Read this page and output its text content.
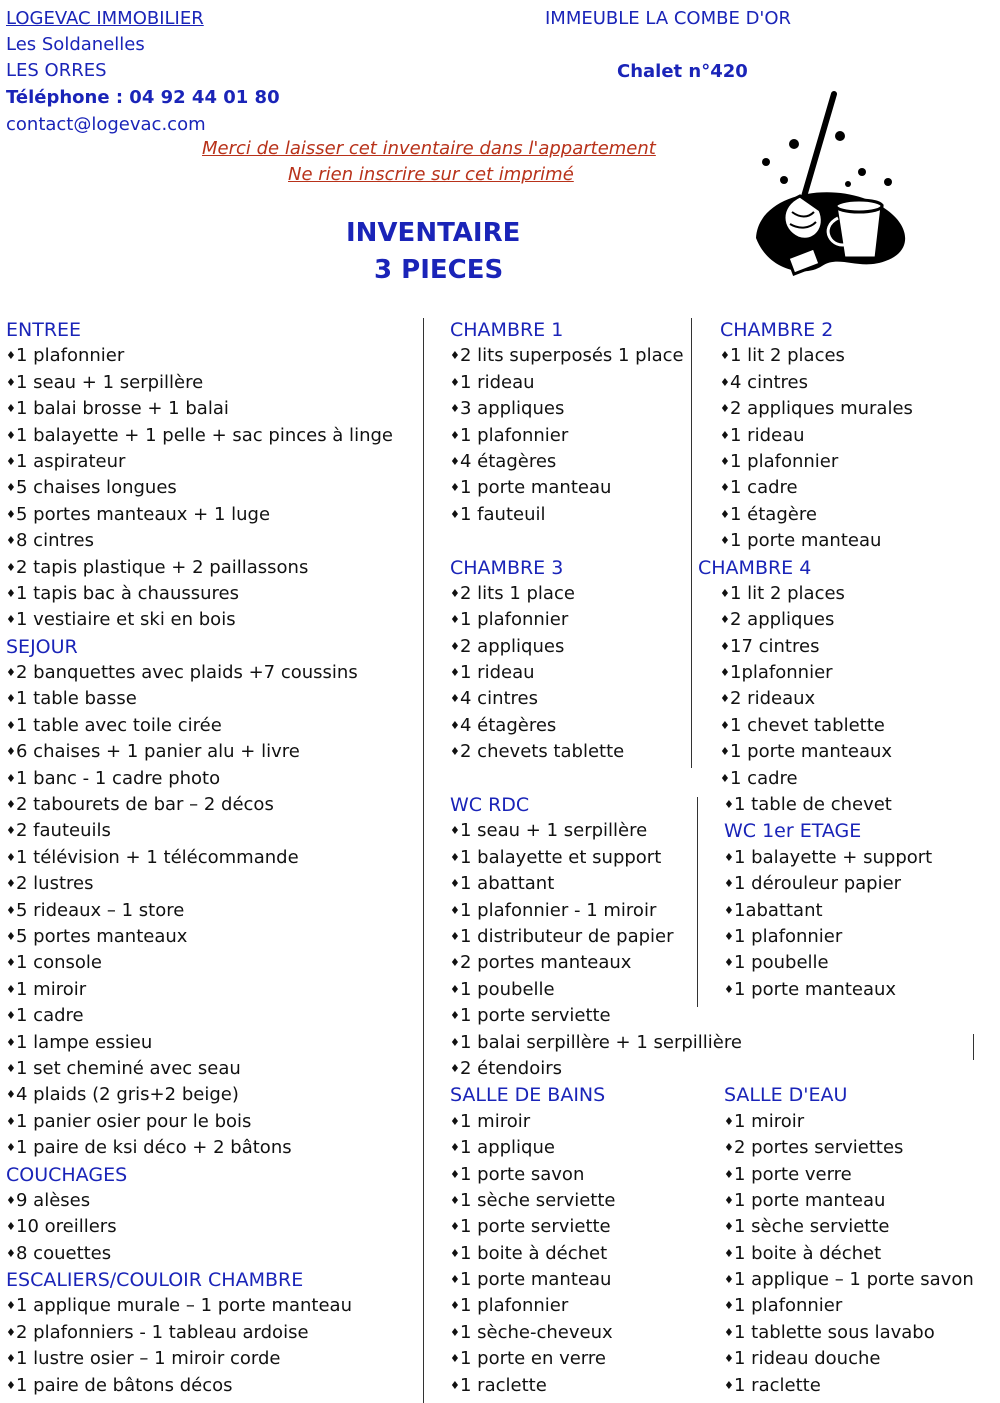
LOGEVAC IMMOBILIER
Les Soldanelles
LES ORRES
Téléphone : 04 92 44 01 80
contact@logevac.com
IMMEUBLE LA COMBE D'OR
Chalet n°420
Merci de laisser cet inventaire dans l'appartement
Ne rien inscrire sur cet imprimé
INVENTAIRE
3 PIECES
ENTREE
♦ 1 plafonnier
♦ 1 seau + 1 serpillère
♦ 1 balai brosse + 1 balai
♦ 1 balayette + 1 pelle + sac pinces à linge
♦ 1 aspirateur
♦ 5 chaises longues
♦ 5 portes manteaux + 1 luge
♦ 8 cintres
♦ 2 tapis plastique + 2 paillassons
♦ 1 tapis bac à chaussures
♦ 1 vestiaire et ski en bois
SEJOUR
♦ 2 banquettes avec plaids +7 coussins
♦ 1 table basse
♦ 1 table avec toile cirée
♦ 6 chaises + 1 panier alu + livre
♦ 1 banc - 1 cadre photo
♦ 2 tabourets de bar – 2 décos
♦ 2 fauteuils
♦ 1 télévision + 1 télécommande
♦ 2 lustres
♦ 5 rideaux – 1 store
♦ 5 portes manteaux
♦ 1 console
♦ 1 miroir
♦ 1 cadre
♦ 1 lampe essieu
♦ 1 set cheminé avec seau
♦ 4 plaids (2 gris+2 beige)
♦ 1 panier osier pour le bois
♦ 1 paire de ksi déco + 2 bâtons
COUCHAGES
♦ 9 alèses
♦ 10 oreillers
♦ 8 couettes
ESCALIERS/COULOIR CHAMBRE
♦ 1 applique murale – 1 porte manteau
♦ 2 plafonniers - 1 tableau ardoise
♦ 1 lustre osier – 1 miroir corde
♦ 1 paire de bâtons décos
CHAMBRE 1
♦ 2 lits superposés 1 place
♦ 1 rideau
♦ 3 appliques
♦ 1 plafonnier
♦ 4 étagères
♦ 1 porte manteau
♦ 1 fauteuil
CHAMBRE 3
♦ 2 lits 1 place
♦ 1 plafonnier
♦ 2 appliques
♦ 1 rideau
♦ 4 cintres
♦ 4 étagères
♦ 2 chevets tablette
WC RDC
♦ 1 seau + 1 serpillère
♦ 1 balayette et support
♦ 1 abattant
♦ 1 plafonnier - 1 miroir
♦ 1 distributeur de papier
♦ 2 portes manteaux
♦ 1 poubelle
♦ 1 porte serviette
♦ 1 balai serpillère + 1 serpillière
♦ 2 étendoirs
SALLE DE BAINS
♦ 1 miroir
♦ 1 applique
♦ 1 porte savon
♦ 1 sèche serviette
♦ 1 porte serviette
♦ 1 boite à déchet
♦ 1 porte manteau
♦ 1 plafonnier
♦ 1 sèche-cheveux
♦ 1 porte en verre
♦ 1 raclette
CHAMBRE 2
♦ 1 lit 2 places
♦ 4 cintres
♦ 2 appliques murales
♦ 1 rideau
♦ 1 plafonnier
♦ 1 cadre
♦ 1 étagère
♦ 1 porte manteau
CHAMBRE 4
♦ 1 lit 2 places
♦ 2 appliques
♦ 17 cintres
♦ 1plafonnier
♦ 2 rideaux
♦ 1 chevet tablette
♦ 1 porte manteaux
♦ 1 cadre
♦ 1 table de chevet
WC 1er ETAGE
♦ 1 balayette + support
♦ 1 dérouleur papier
♦ 1abattant
♦ 1 plafonnier
♦ 1 poubelle
♦ 1 porte manteaux
SALLE D'EAU
♦ 1 miroir
♦ 2 portes serviettes
♦ 1 porte verre
♦ 1 porte manteau
♦ 1 sèche serviette
♦ 1 boite à déchet
♦ 1 applique – 1 porte savon
♦ 1 plafonnier
♦ 1 tablette sous lavabo
♦ 1 rideau douche
♦ 1 raclette
